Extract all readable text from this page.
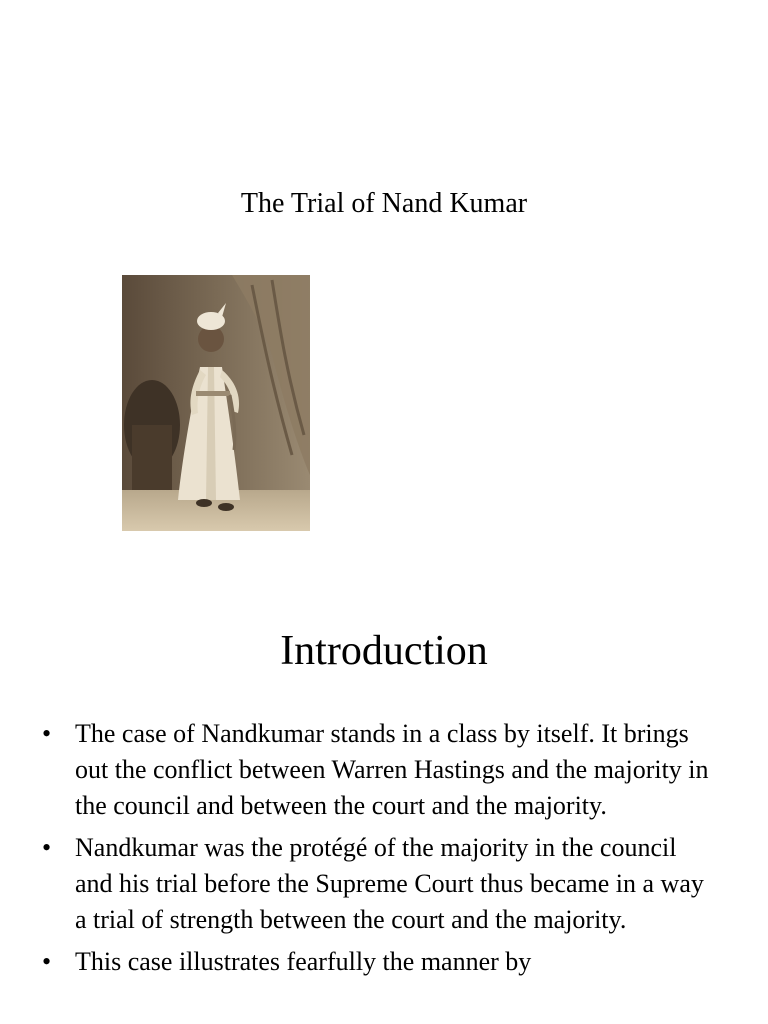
The Trial of Nand Kumar
Introduction
• The case of Nandkumar stands in a class by itself. It brings out the conflict between Warren Hastings and the majority in the council and between the court and the majority.
• Nandkumar was the protégé of the majority in the council and his trial before the Supreme Court thus became in a way a trial of strength between the court and the majority.
• This case illustrates fearfully the manner by
